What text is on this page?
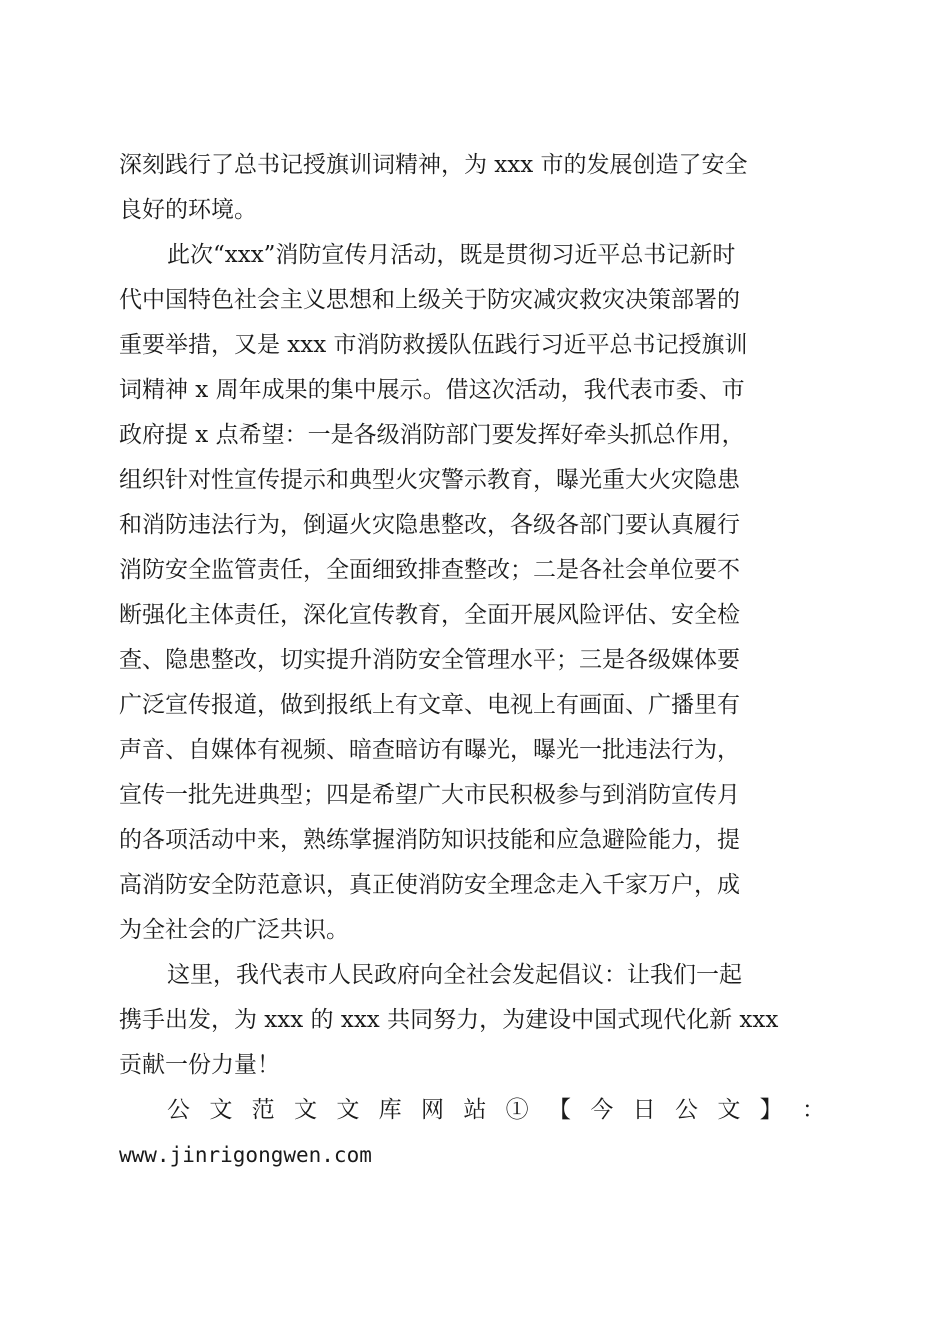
深刻践行了总书记授旗训词精神，为 xxx 市的发展创造了安全
良好的环境。

此次“xxx”消防宣传月活动，既是贯彻习近平总书记新时
代中国特色社会主义思想和上级关于防灾减灾救灾决策部署的
重要举措，又是 xxx 市消防救援队伍践行习近平总书记授旗训
词精神 x 周年成果的集中展示。借这次活动，我代表市委、市
政府提 x 点希望：一是各级消防部门要发挥好牵头抓总作用，
组织针对性宣传提示和典型火灾警示教育，曝光重大火灾隐患
和消防违法行为，倒逼火灾隐患整改，各级各部门要认真履行
消防安全监管责任，全面细致排查整改；二是各社会单位要不
断强化主体责任，深化宣传教育，全面开展风险评估、安全检
查、隐患整改，切实提升消防安全管理水平；三是各级媒体要
广泛宣传报道，做到报纸上有文章、电视上有画面、广播里有
声音、自媒体有视频、暗查暗访有曝光，曝光一批违法行为，
宣传一批先进典型；四是希望广大市民积极参与到消防宣传月
的各项活动中来，熟练掌握消防知识技能和应急避险能力，提
高消防安全防范意识，真正使消防安全理念走入千家万户，成
为全社会的广泛共识。

这里，我代表市人民政府向全社会发起倡议：让我们一起
携手出发，为 xxx 的 xxx 共同努力，为建设中国式现代化新 xxx
贡献一份力量！

公 文 范 文 文 库 网 站 ① 【 今 日 公 文 】 ：

www.jinrigongwen.com
